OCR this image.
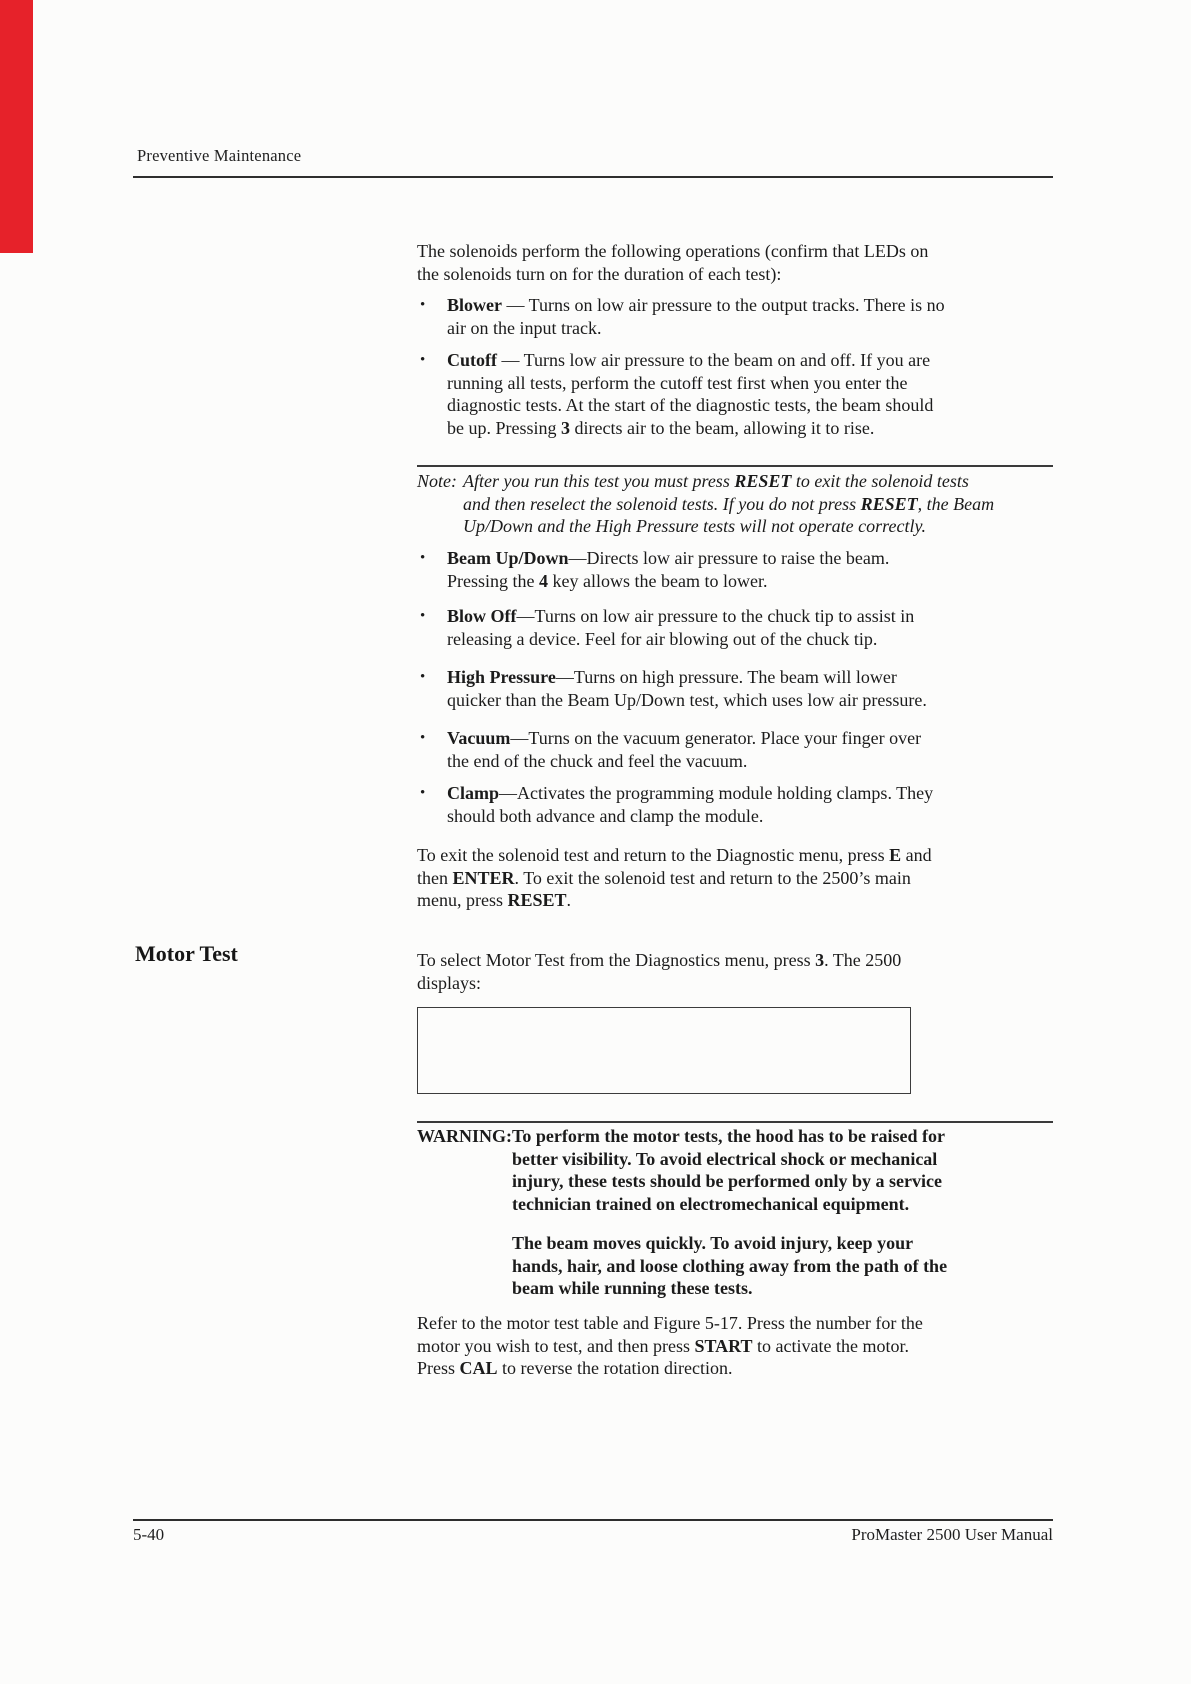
Preventive Maintenance
The solenoids perform the following operations (confirm that LEDs on
the solenoids turn on for the duration of each test):
• Blower — Turns on low air pressure to the output tracks. There is no
air on the input track.
• Cutoff — Turns low air pressure to the beam on and off. If you are
running all tests, perform the cutoff test first when you enter the
diagnostic tests. At the start of the diagnostic tests, the beam should
be up. Pressing 3 directs air to the beam, allowing it to rise.
Note: After you run this test you must press RESET to exit the solenoid tests
and then reselect the solenoid tests. If you do not press RESET, the Beam
Up/Down and the High Pressure tests will not operate correctly.
• Beam Up/Down—Directs low air pressure to raise the beam.
Pressing the 4 key allows the beam to lower.
• Blow Off—Turns on low air pressure to the chuck tip to assist in
releasing a device. Feel for air blowing out of the chuck tip.
• High Pressure—Turns on high pressure. The beam will lower
quicker than the Beam Up/Down test, which uses low air pressure.
• Vacuum—Turns on the vacuum generator. Place your finger over
the end of the chuck and feel the vacuum.
• Clamp—Activates the programming module holding clamps. They
should both advance and clamp the module.
To exit the solenoid test and return to the Diagnostic menu, press E and
then ENTER. To exit the solenoid test and return to the 2500’s main
menu, press RESET.
Motor Test	To select Motor Test from the Diagnostics menu, press 3. The 2500
displays:
WARNING: To perform the motor tests, the hood has to be raised for
better visibility. To avoid electrical shock or mechanical
injury, these tests should be performed only by a service
technician trained on electromechanical equipment.
The beam moves quickly. To avoid injury, keep your
hands, hair, and loose clothing away from the path of the
beam while running these tests.
Refer to the motor test table and Figure 5-17. Press the number for the
motor you wish to test, and then press START to activate the motor.
Press CAL to reverse the rotation direction.
5-40	ProMaster 2500 User Manual
